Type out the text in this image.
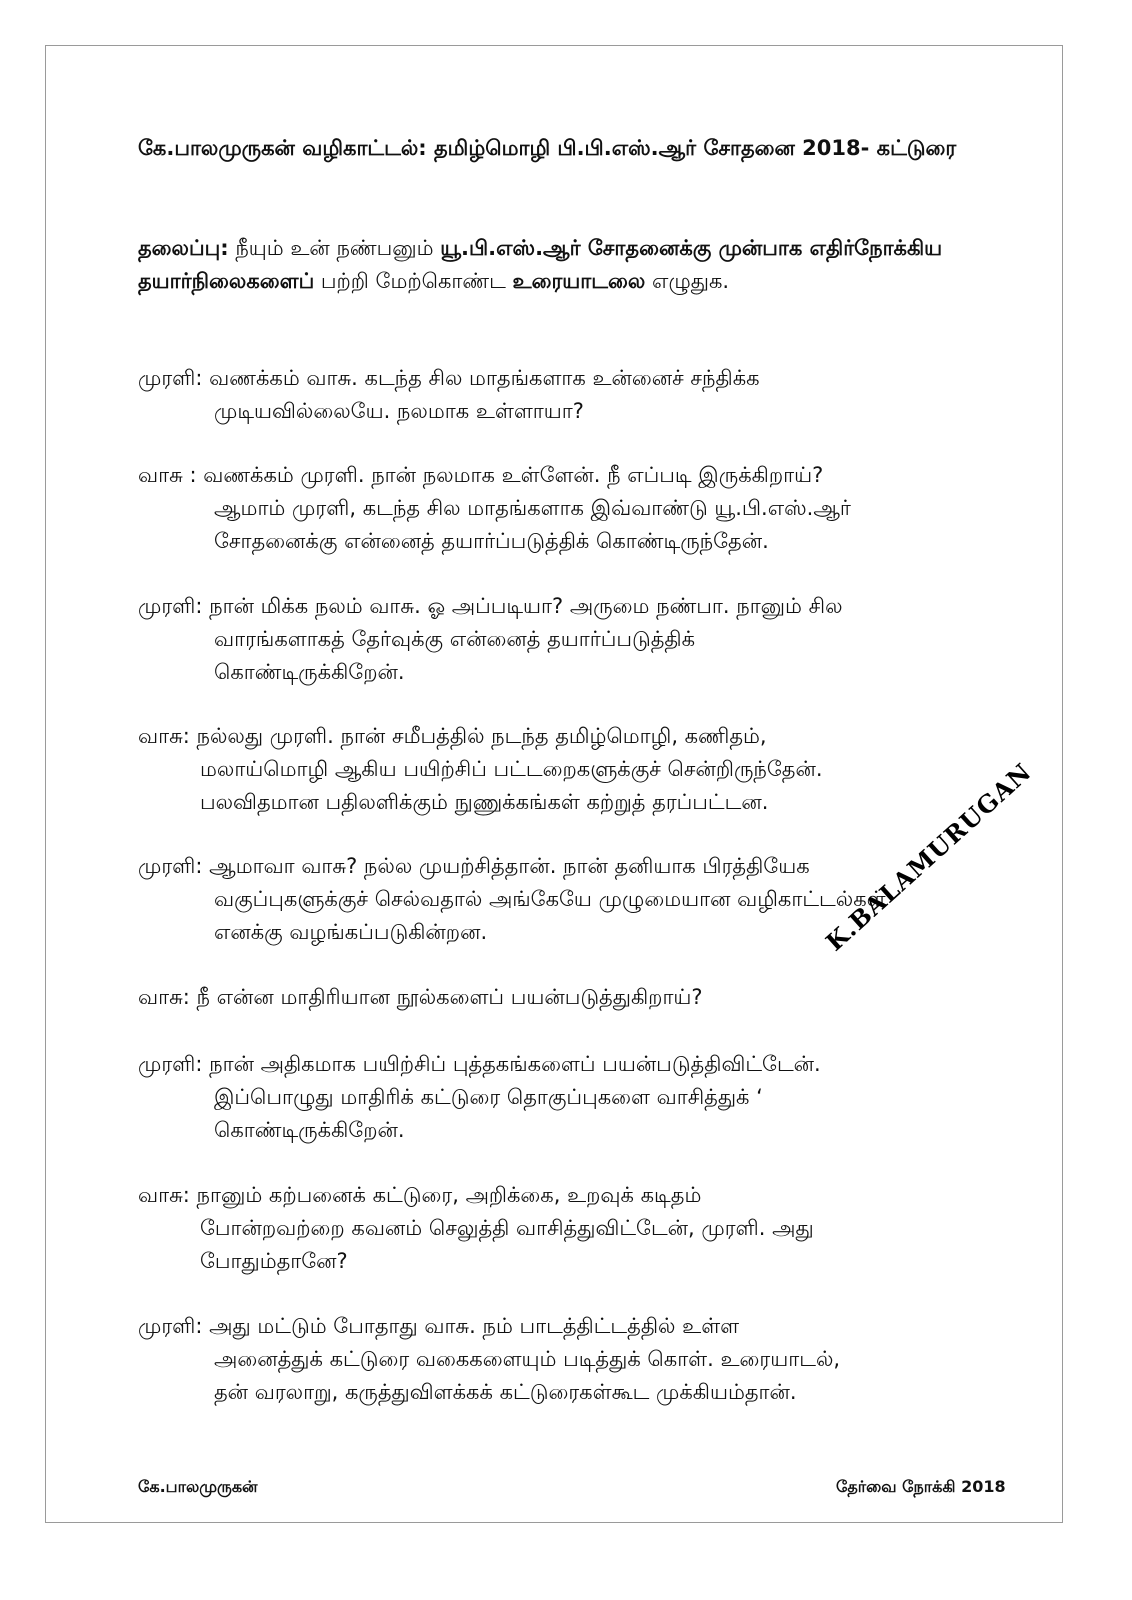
கே.பாலமுருகன் வழிகாட்டல்: தமிழ்மொழி பி.பி.எஸ்.ஆர் சோதனை 2018- கட்டுரை

தலைப்பு: நீயும் உன் நண்பனும் யூ.பி.எஸ்.ஆர் சோதனைக்கு முன்பாக எதிர்நோக்கிய தயார்நிலைகளைப் பற்றி மேற்கொண்ட உரையாடலை எழுதுக.

முரளி: வணக்கம் வாசு. கடந்த சில மாதங்களாக உன்னைச் சந்திக்க
முடியவில்லையே. நலமாக உள்ளாயா?
வாசு : வணக்கம் முரளி. நான் நலமாக உள்ளேன். நீ எப்படி இருக்கிறாய்?
ஆமாம் முரளி, கடந்த சில மாதங்களாக இவ்வாண்டு யூ.பி.எஸ்.ஆர்
சோதனைக்கு என்னைத் தயார்ப்படுத்திக் கொண்டிருந்தேன்.
முரளி: நான் மிக்க நலம் வாசு. ஓ அப்படியா? அருமை நண்பா. நானும் சில
வாரங்களாகத் தேர்வுக்கு என்னைத் தயார்ப்படுத்திக்
கொண்டிருக்கிறேன்.
வாசு: நல்லது முரளி. நான் சமீபத்தில் நடந்த தமிழ்மொழி, கணிதம்,
மலாய்மொழி ஆகிய பயிற்சிப் பட்டறைகளுக்குச் சென்றிருந்தேன்.
பலவிதமான பதிலளிக்கும் நுணுக்கங்கள் கற்றுத் தரப்பட்டன.
முரளி: ஆமாவா வாசு? நல்ல முயற்சித்தான். நான் தனியாக பிரத்தியேக
வகுப்புகளுக்குச் செல்வதால் அங்கேயே முழுமையான வழிகாட்டல்கள்
எனக்கு வழங்கப்படுகின்றன.
வாசு: நீ என்ன மாதிரியான நூல்களைப் பயன்படுத்துகிறாய்?
முரளி: நான் அதிகமாக பயிற்சிப் புத்தகங்களைப் பயன்படுத்திவிட்டேன்.
இப்பொழுது மாதிரிக் கட்டுரை தொகுப்புகளை வாசித்துக் ‘
கொண்டிருக்கிறேன்.
வாசு: நானும் கற்பனைக் கட்டுரை, அறிக்கை, உறவுக் கடிதம்
போன்றவற்றை கவனம் செலுத்தி வாசித்துவிட்டேன், முரளி. அது
போதும்தானே?
முரளி: அது மட்டும் போதாது வாசு. நம் பாடத்திட்டத்தில் உள்ள
அனைத்துக் கட்டுரை வகைகளையும் படித்துக் கொள். உரையாடல்,
தன் வரலாறு, கருத்துவிளக்கக் கட்டுரைகள்கூட முக்கியம்தான்.
K.BALAMURUGAN
கே.பாலமுருகன்	தேர்வை நோக்கி 2018
